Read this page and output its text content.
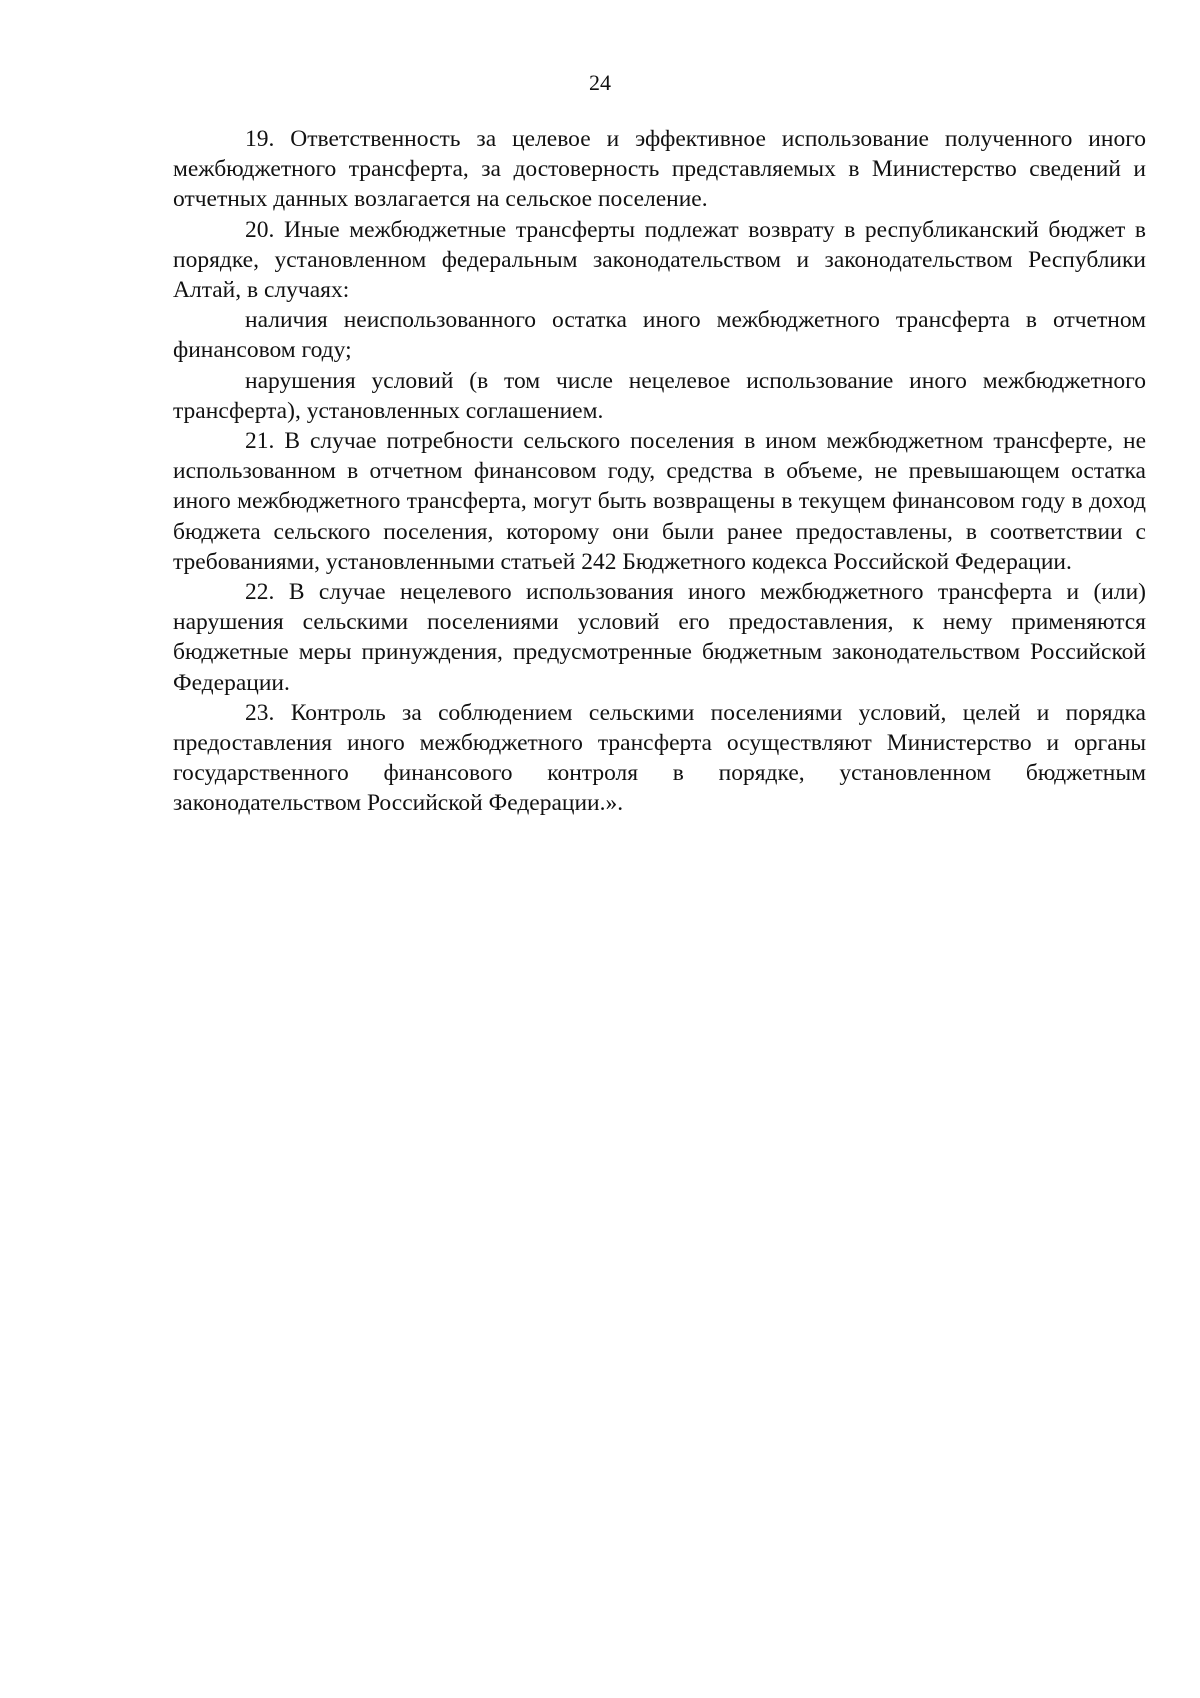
24

19. Ответственность за целевое и эффективное использование полученного иного межбюджетного трансферта, за достоверность представляемых в Министерство сведений и отчетных данных возлагается на сельское поселение.

20. Иные межбюджетные трансферты подлежат возврату в республиканский бюджет в порядке, установленном федеральным законодательством и законодательством Республики Алтай, в случаях:

наличия неиспользованного остатка иного межбюджетного трансферта в отчетном финансовом году;

нарушения условий (в том числе нецелевое использование иного межбюджетного трансферта), установленных соглашением.

21. В случае потребности сельского поселения в ином межбюджетном трансферте, не использованном в отчетном финансовом году, средства в объеме, не превышающем остатка иного межбюджетного трансферта, могут быть возвращены в текущем финансовом году в доход бюджета сельского поселения, которому они были ранее предоставлены, в соответствии с требованиями, установленными статьей 242 Бюджетного кодекса Российской Федерации.

22. В случае нецелевого использования иного межбюджетного трансферта и (или) нарушения сельскими поселениями условий его предоставления, к нему применяются бюджетные меры принуждения, предусмотренные бюджетным законодательством Российской Федерации.

23. Контроль за соблюдением сельскими поселениями условий, целей и порядка предоставления иного межбюджетного трансферта осуществляют Министерство и органы государственного финансового контроля в порядке, установленном бюджетным законодательством Российской Федерации.».
